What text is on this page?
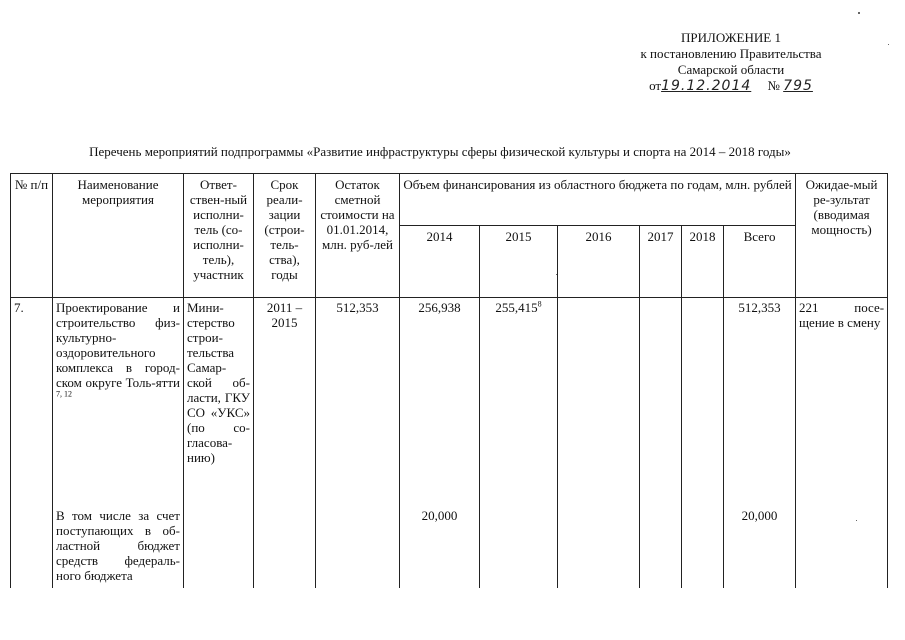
ПРИЛОЖЕНИЕ 1
к постановлению Правительства
Самарской области
от19.12.2014 № 795
Перечень мероприятий подпрограммы «Развитие инфраструктуры сферы физической культуры и спорта на 2014 – 2018 годы»
№ п/п	Наименование мероприятия	Ответ-ствен-ный исполни-тель (со-исполни-тель), участник	Срок реали-зации (строи-тель-ства), годы	Остаток сметной стоимости на 01.01.2014, млн. руб-лей	Объем финансирования из областного бюджета по годам, млн. рублей						Ожидае-мый ре-зультат (вводимая мощность)
					2014	2015	2016	2017	2018	Всего	
7.	Проектирование и строительство физ-культурно-оздоровительного комплекса в город-ском округе Толь-ятти $^{7, 12}$	Мини-стерство строи-тельства Самар-ской об-ласти, ГКУ СО «УКС» (по со-гласова-нию)	2011 – 2015	512,353	256,938	255,415$^8$				512,353	221 посе-щение в смену
	В том числе за счет поступающих в об-ластной бюджет средств федераль-ного бюджета				20,000					20,000	
